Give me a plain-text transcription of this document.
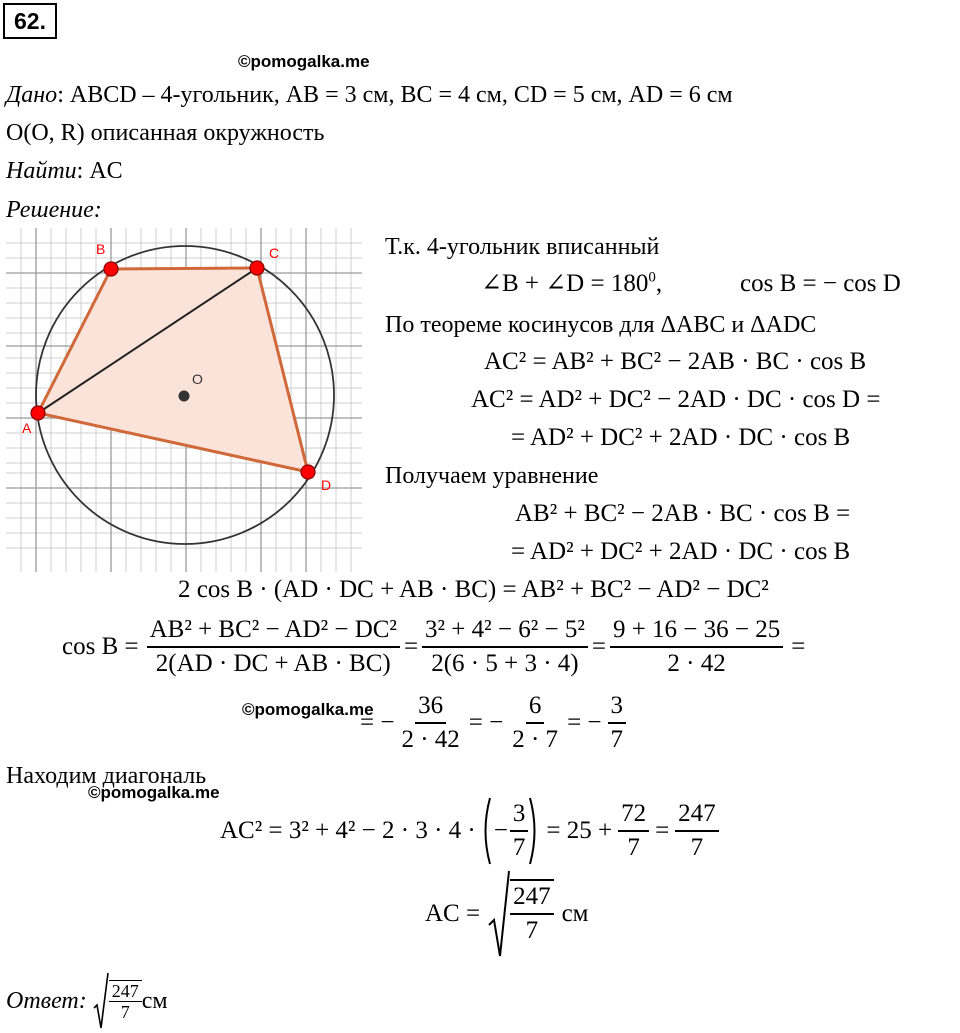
62.
©pomogalka.me
Дано: ABCD – 4-угольник, AB = 3 см, BC = 4 см, CD = 5 см, AD = 6 см
O(O, R) описанная окружность
Найти: AC
Решение:
A
B	C
D
O
Т.к. 4-угольник вписанный
∠B + ∠D = $180^0$,	cos B = − cos D
По теореме косинусов для ΔABC и ΔADC
AC² = AB² + BC² − 2AB · BC · cos B
AC² = AD² + DC² − 2AD · DC · cos D =
= AD² + DC² + 2AD · DC · cos B
Получаем уравнение
AB² + BC² − 2AB · BC · cos B =
= AD² + DC² + 2AD · DC · cos B
2 cos B · (AD · DC + AB · BC) = AB² + BC² − AD² − DC²
$\cos B = \frac{\text{AB² + BC² − AD² − DC²}}{2(AD \cdot DC + AB \cdot BC)} = \frac{\text{3² + 4² − 6² − 5²}}{2(6 \cdot 5 + 3 \cdot 4)} = \frac{9 + 16 - 36 - 25}{2 \cdot 42}$ =
©pomogalka.me
= − $\frac{36}{2 \cdot 42}$ = − $\frac{6}{2 \cdot 7}$ = − $\frac{3}{7}$
Находим диагональ
©pomogalka.me
AC² = 3² + 4² − 2 · 3 · 4 · − $\frac{3}{7} = 25 + \frac{72}{7} = \frac{247}{7}$
AC = $\frac{247}{7}$ см
Ответ: $\frac{247}{7}$ см
